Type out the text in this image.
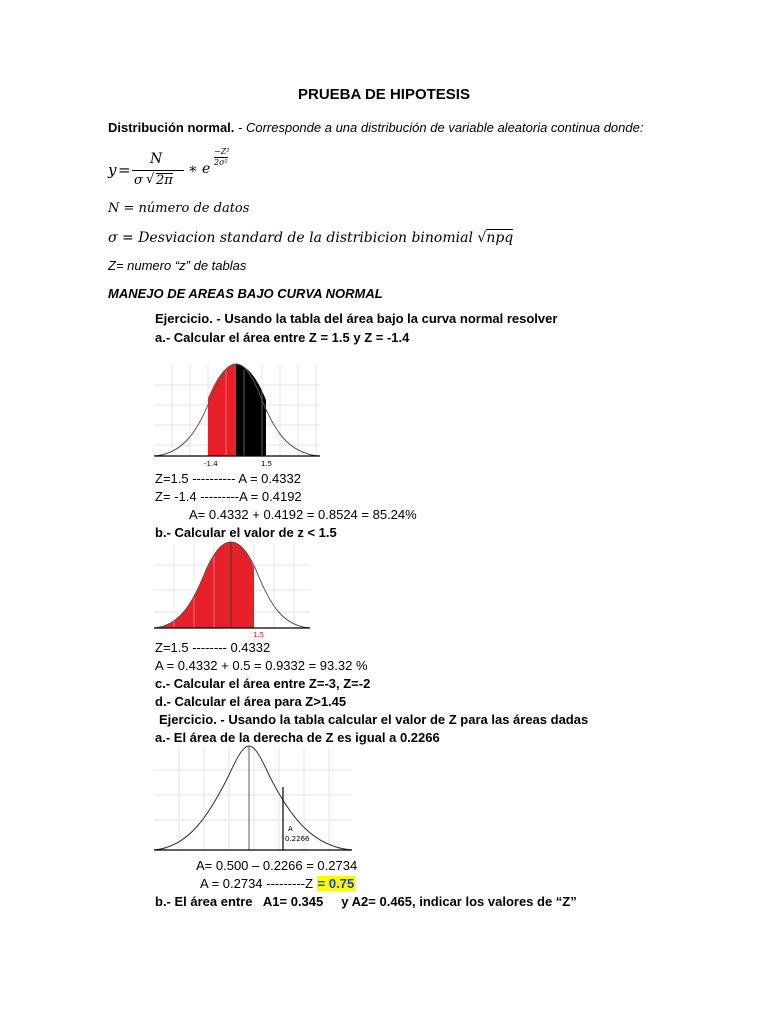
PRUEBA DE HIPOTESIS
Distribución normal. - Corresponde a una distribución de variable aleatoria continua donde:
y =
N
σ √ 2π
∗ e
−Z²
2σ²
N = número de datos
σ = Desviacion standard de la distribicion binomial √npq
Z= numero “z” de tablas
MANEJO DE AREAS BAJO CURVA NORMAL
Ejercicio. - Usando la tabla del área bajo la curva normal resolver
a.- Calcular el área entre Z = 1.5 y Z = -1.4
-1.4	1.5
Z=1.5 ---------- A = 0.4332
Z= -1.4 ---------A = 0.4192
A= 0.4332 + 0.4192 = 0.8524 = 85.24%
b.- Calcular el valor de z < 1.5
1.5
Z=1.5 -------- 0.4332
A = 0.4332 + 0.5 = 0.9332 = 93.32 %
c.- Calcular el área entre Z=-3, Z=-2
d.- Calcular el área para Z>1.45
Ejercicio. - Usando la tabla calcular el valor de Z para las áreas dadas
a.- El área de la derecha de Z es igual a 0.2266
A
0.2266
A= 0.500 – 0.2266 = 0.2734
A = 0.2734 ---------Z = 0.75
b.- El área entre   A1= 0.345     y A2= 0.465, indicar los valores de “Z”
